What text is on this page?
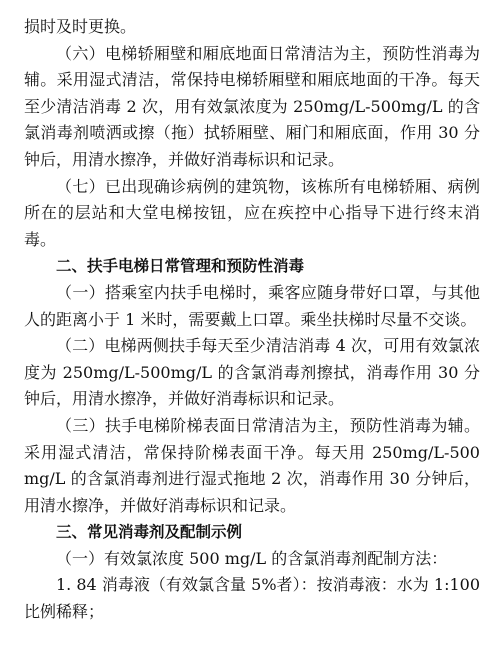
损时及时更换。

（六）电梯轿厢壁和厢底地面日常清洁为主，预防性消毒为辅。采用湿式清洁，常保持电梯轿厢壁和厢底地面的干净。每天至少清洁消毒 2 次，用有效氯浓度为 250mg/L-500mg/L 的含氯消毒剂喷洒或擦（拖）拭轿厢壁、厢门和厢底面，作用 30 分钟后，用清水擦净，并做好消毒标识和记录。

（七）已出现确诊病例的建筑物，该栋所有电梯轿厢、病例所在的层站和大堂电梯按钮，应在疾控中心指导下进行终末消毒。

二、扶手电梯日常管理和预防性消毒

（一）搭乘室内扶手电梯时，乘客应随身带好口罩，与其他人的距离小于 1 米时，需要戴上口罩。乘坐扶梯时尽量不交谈。

（二）电梯两侧扶手每天至少清洁消毒 4 次，可用有效氯浓度为 250mg/L-500mg/L 的含氯消毒剂擦拭，消毒作用 30 分钟后，用清水擦净，并做好消毒标识和记录。

（三）扶手电梯阶梯表面日常清洁为主，预防性消毒为辅。采用湿式清洁，常保持阶梯表面干净。每天用 250mg/L-500 mg/L 的含氯消毒剂进行湿式拖地 2 次，消毒作用 30 分钟后，用清水擦净，并做好消毒标识和记录。

三、常见消毒剂及配制示例

（一）有效氯浓度 500 mg/L 的含氯消毒剂配制方法：

1. 84 消毒液（有效氯含量 5%者）：按消毒液：水为 1:100 比例稀释；
